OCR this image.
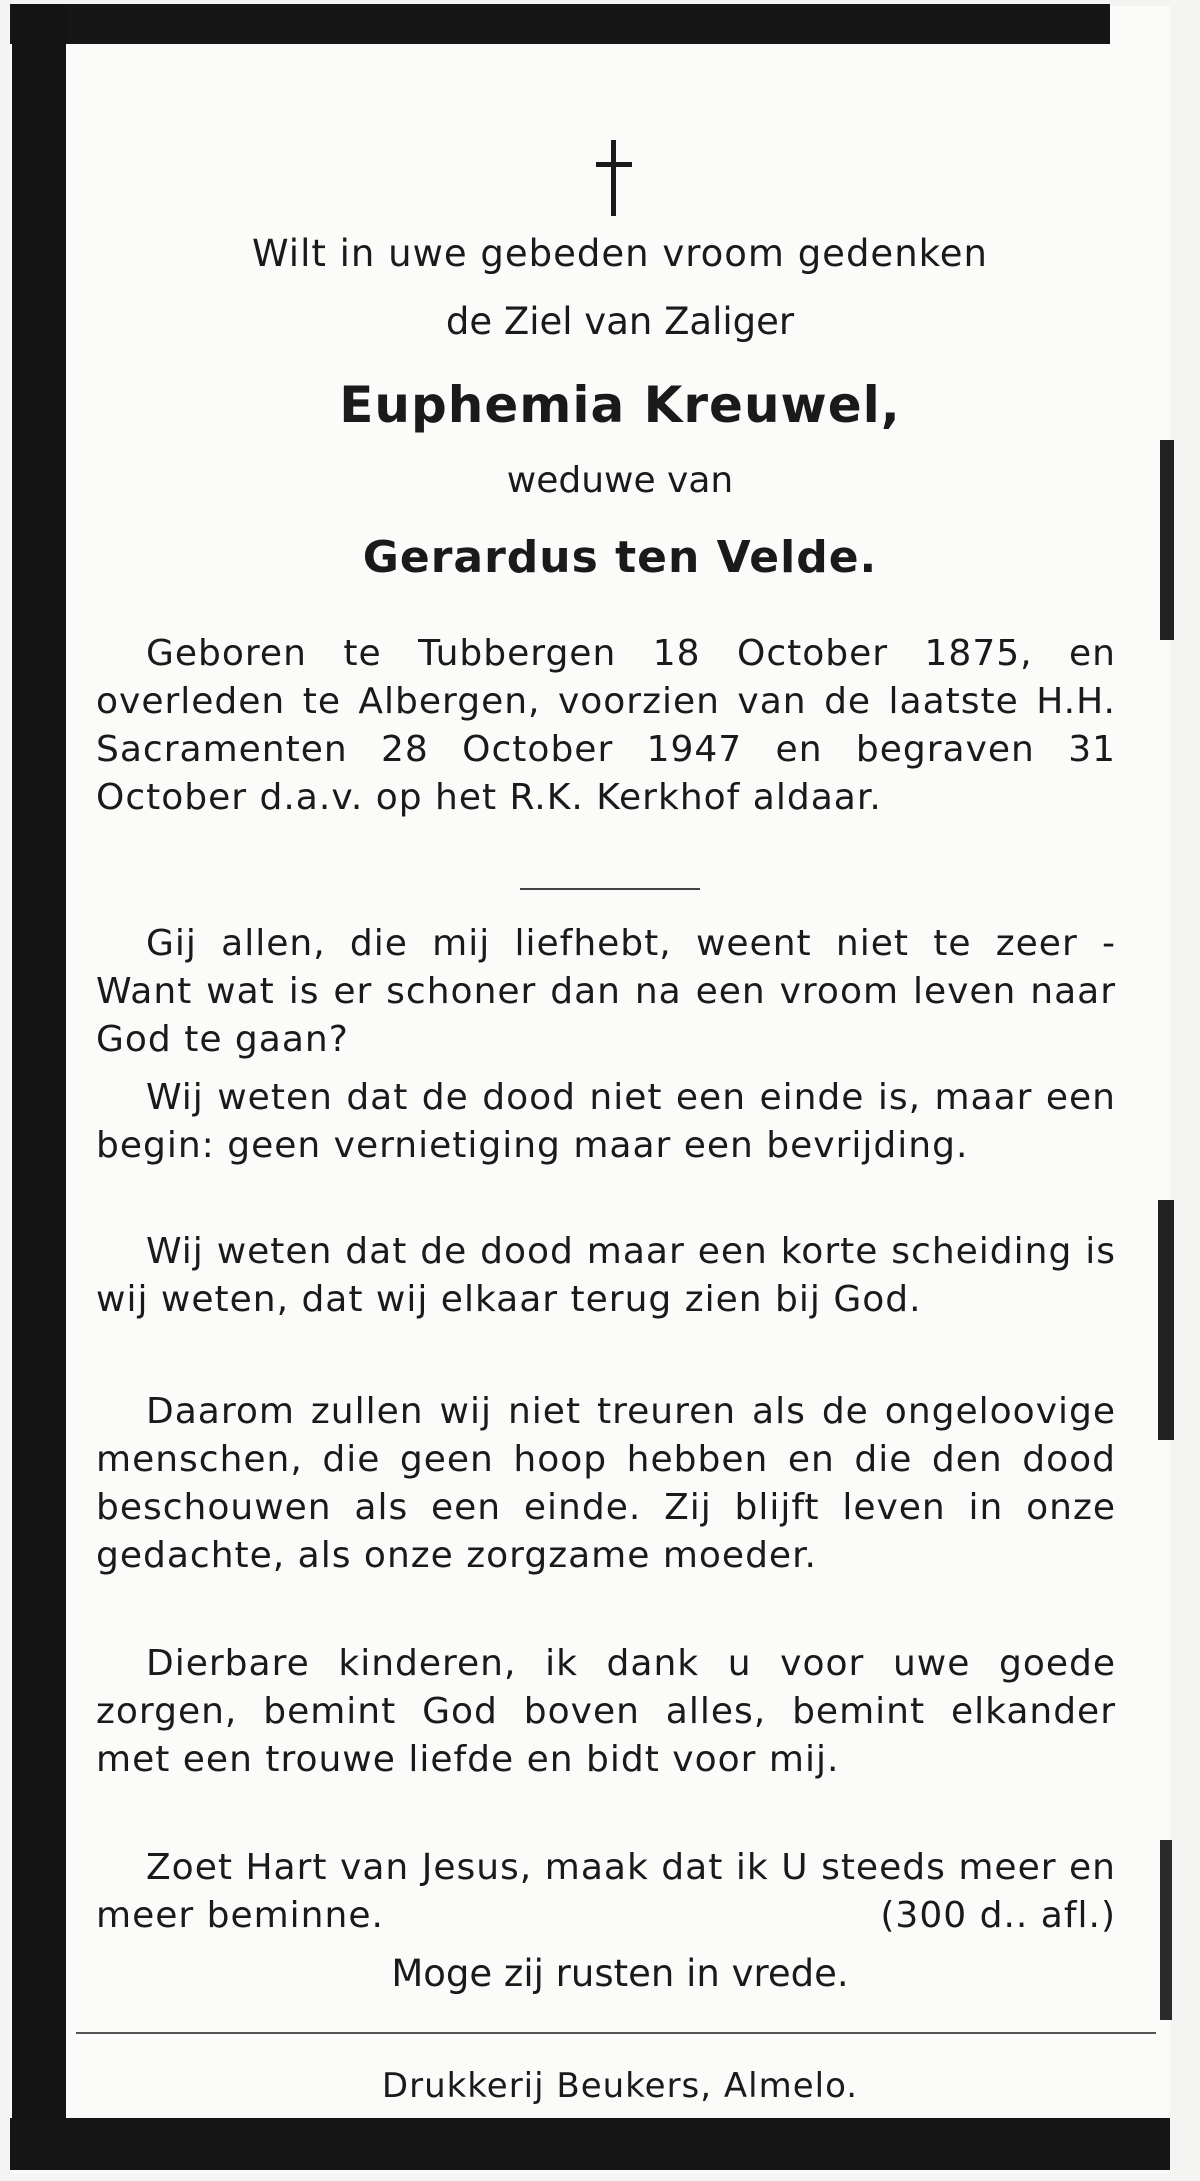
Wilt in uwe gebeden vroom gedenken
de Ziel van Zaliger
Euphemia Kreuwel,
weduwe van
Gerardus ten Velde.
Geboren te Tubbergen 18 October 1875, en overleden te Albergen, voorzien van de laatste H.H. Sacramenten 28 October 1947 en begraven 31 October d.a.v. op het R.K. Kerkhof aldaar.
Gij allen, die mij liefhebt, weent niet te zeer - Want wat is er schoner dan na een vroom leven naar God te gaan?
Wij weten dat de dood niet een einde is, maar een begin: geen vernietiging maar een bevrijding.
Wij weten dat de dood maar een korte scheiding is wij weten, dat wij elkaar terug zien bij God.
Daarom zullen wij niet treuren als de ongeloovige menschen, die geen hoop hebben en die den dood beschouwen als een einde. Zij blijft leven in onze gedachte, als onze zorgzame moeder.
Dierbare kinderen, ik dank u voor uwe goede zorgen, bemint God boven alles, bemint elkander met een trouwe liefde en bidt voor mij.
Zoet Hart van Jesus, maak dat ik U steeds meer en meer beminne.	(300 d.. afl.)
Moge zij rusten in vrede.
Drukkerij Beukers, Almelo.
